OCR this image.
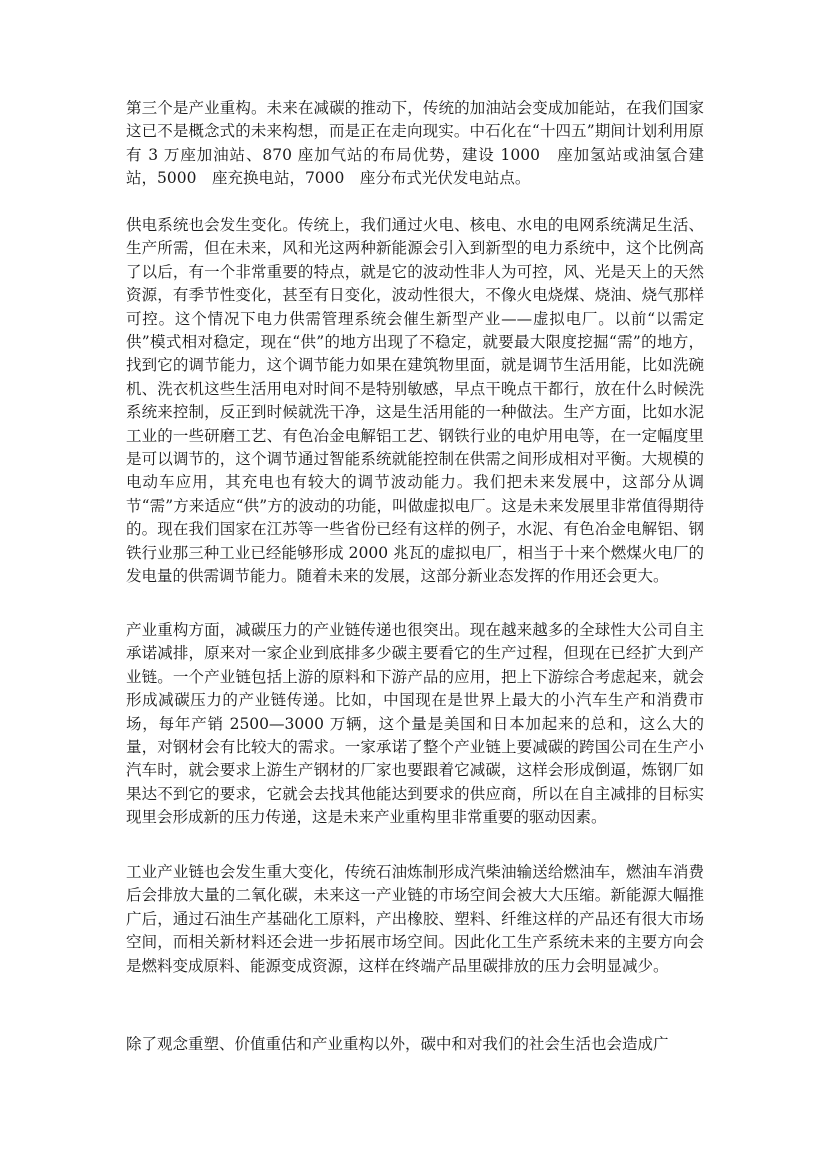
第三个是产业重构。未来在减碳的推动下，传统的加油站会变成加能站，在我们国家这已不是概念式的未来构想，而是正在走向现实。中石化在“十四五”期间计划利用原有 3 万座加油站、870 座加气站的布局优势，建设 1000　座加氢站或油氢合建站，5000　座充换电站，7000　座分布式光伏发电站点。

供电系统也会发生变化。传统上，我们通过火电、核电、水电的电网系统满足生活、生产所需，但在未来，风和光这两种新能源会引入到新型的电力系统中，这个比例高了以后，有一个非常重要的特点，就是它的波动性非人为可控，风、光是天上的天然资源，有季节性变化，甚至有日变化，波动性很大，不像火电烧煤、烧油、烧气那样可控。这个情况下电力供需管理系统会催生新型产业——虚拟电厂。以前“以需定供”模式相对稳定，现在“供”的地方出现了不稳定，就要最大限度挖掘“需”的地方，找到它的调节能力，这个调节能力如果在建筑物里面，就是调节生活用能，比如洗碗机、洗衣机这些生活用电对时间不是特别敏感，早点干晚点干都行，放在什么时候洗系统来控制，反正到时候就洗干净，这是生活用能的一种做法。生产方面，比如水泥工业的一些研磨工艺、有色冶金电解铝工艺、钢铁行业的电炉用电等，在一定幅度里是可以调节的，这个调节通过智能系统就能控制在供需之间形成相对平衡。大规模的电动车应用，其充电也有较大的调节波动能力。我们把未来发展中，这部分从调节“需”方来适应“供”方的波动的功能，叫做虚拟电厂。这是未来发展里非常值得期待的。现在我们国家在江苏等一些省份已经有这样的例子，水泥、有色冶金电解铝、钢铁行业那三种工业已经能够形成 2000 兆瓦的虚拟电厂，相当于十来个燃煤火电厂的发电量的供需调节能力。随着未来的发展，这部分新业态发挥的作用还会更大。

产业重构方面，减碳压力的产业链传递也很突出。现在越来越多的全球性大公司自主承诺减排，原来对一家企业到底排多少碳主要看它的生产过程，但现在已经扩大到产业链。一个产业链包括上游的原料和下游产品的应用，把上下游综合考虑起来，就会形成减碳压力的产业链传递。比如，中国现在是世界上最大的小汽车生产和消费市场，每年产销 2500—3000 万辆，这个量是美国和日本加起来的总和，这么大的量，对钢材会有比较大的需求。一家承诺了整个产业链上要减碳的跨国公司在生产小汽车时，就会要求上游生产钢材的厂家也要跟着它减碳，这样会形成倒逼，炼钢厂如果达不到它的要求，它就会去找其他能达到要求的供应商，所以在自主减排的目标实现里会形成新的压力传递，这是未来产业重构里非常重要的驱动因素。

工业产业链也会发生重大变化，传统石油炼制形成汽柴油输送给燃油车，燃油车消费后会排放大量的二氧化碳，未来这一产业链的市场空间会被大大压缩。新能源大幅推广后，通过石油生产基础化工原料，产出橡胶、塑料、纤维这样的产品还有很大市场空间，而相关新材料还会进一步拓展市场空间。因此化工生产系统未来的主要方向会是燃料变成原料、能源变成资源，这样在终端产品里碳排放的压力会明显减少。

除了观念重塑、价值重估和产业重构以外，碳中和对我们的社会生活也会造成广
